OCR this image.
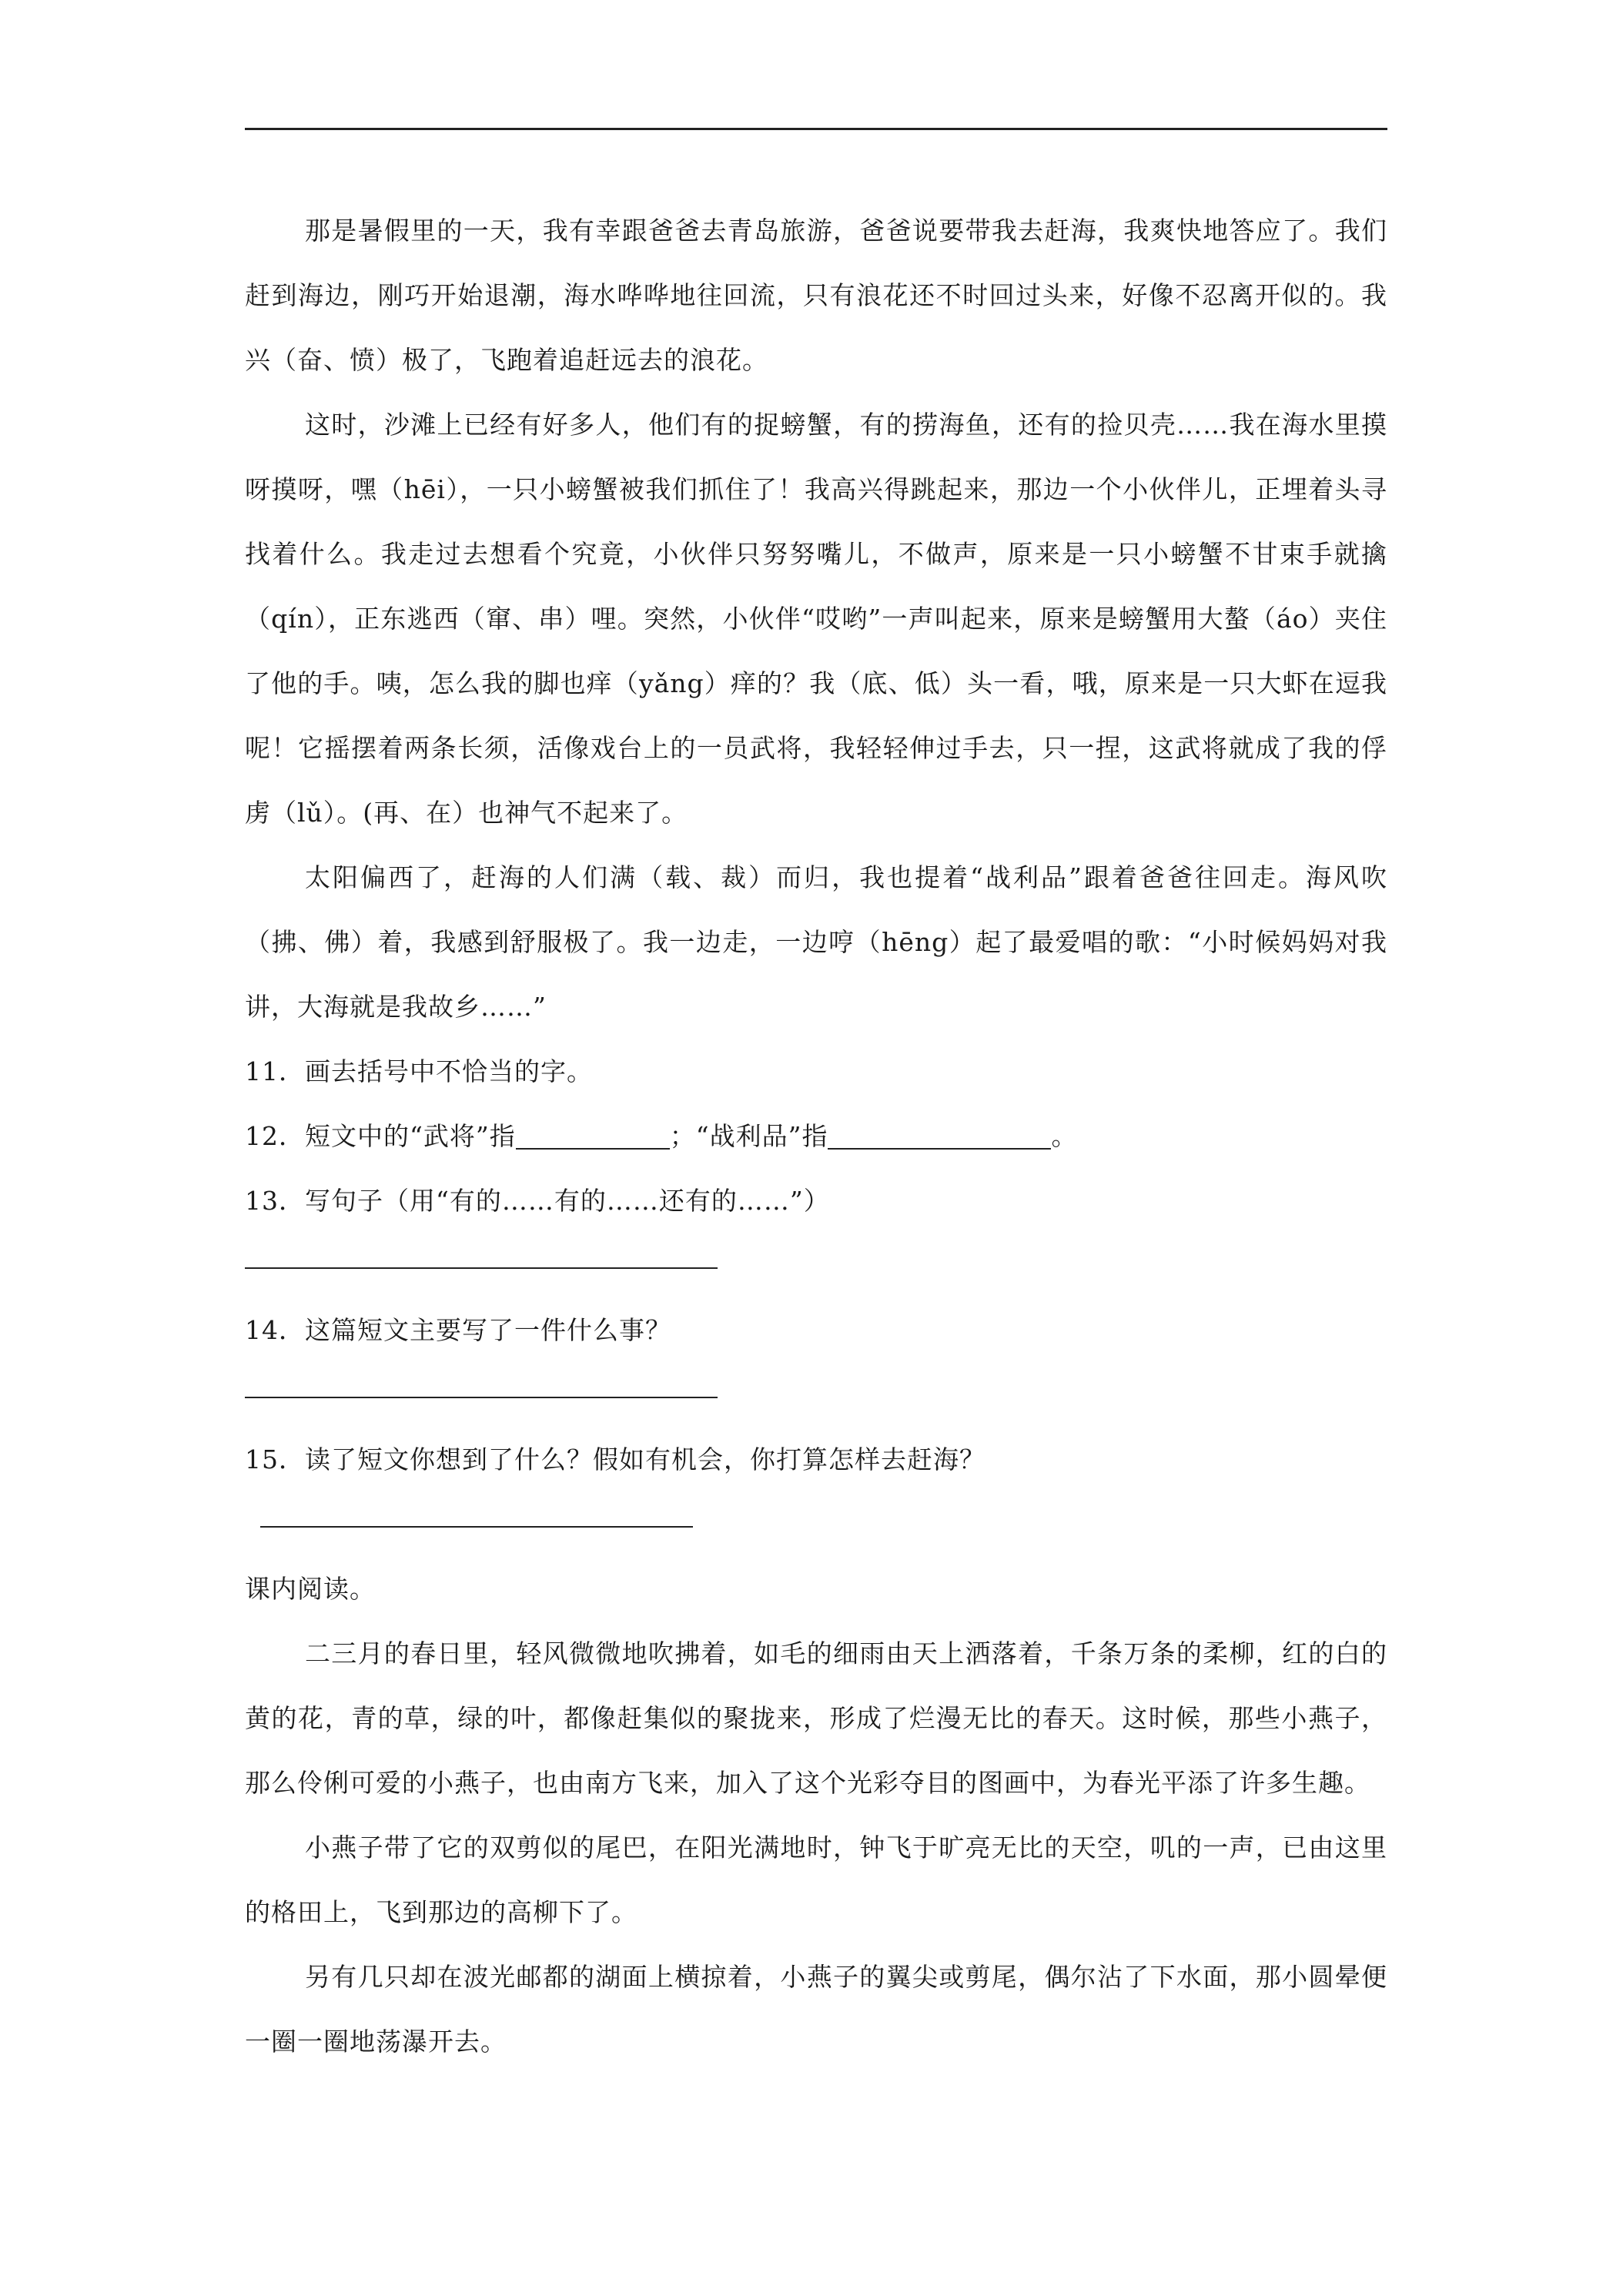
那是暑假里的一天，我有幸跟爸爸去青岛旅游，爸爸说要带我去赶海，我爽快地答应了。我们赶到海边，刚巧开始退潮，海水哗哗地往回流，只有浪花还不时回过头来，好像不忍离开似的。我兴（奋、愤）极了，飞跑着追赶远去的浪花。

这时，沙滩上已经有好多人，他们有的捉螃蟹，有的捞海鱼，还有的捡贝壳……我在海水里摸呀摸呀，嘿（hēi），一只小螃蟹被我们抓住了！我高兴得跳起来，那边一个小伙伴儿，正埋着头寻找着什么。我走过去想看个究竟，小伙伴只努努嘴儿，不做声，原来是一只小螃蟹不甘束手就擒（qín），正东逃西（窜、串）哩。突然，小伙伴“哎哟”一声叫起来，原来是螃蟹用大螯（áo）夹住了他的手。咦，怎么我的脚也痒（yǎng）痒的？我（底、低）头一看，哦，原来是一只大虾在逗我呢！它摇摆着两条长须，活像戏台上的一员武将，我轻轻伸过手去，只一捏，这武将就成了我的俘虏（lǔ）。(再、在）也神气不起来了。

太阳偏西了，赶海的人们满（载、裁）而归，我也提着“战利品”跟着爸爸往回走。海风吹（拂、佛）着，我感到舒服极了。我一边走，一边哼（hēng）起了最爱唱的歌：“小时候妈妈对我讲，大海就是我故乡……”

11．画去括号中不恰当的字。

12．短文中的“武将”指	；“战利品”指	。

13．写句子（用“有的……有的……还有的……”）

14．这篇短文主要写了一件什么事？

15．读了短文你想到了什么？假如有机会，你打算怎样去赶海？

课内阅读。

二三月的春日里，轻风微微地吹拂着，如毛的细雨由天上洒落着，千条万条的柔柳，红的白的黄的花，青的草，绿的叶，都像赶集似的聚拢来，形成了烂漫无比的春天。这时候，那些小燕子，那么伶俐可爱的小燕子，也由南方飞来，加入了这个光彩夺目的图画中，为春光平添了许多生趣。

小燕子带了它的双剪似的尾巴，在阳光满地时，钟飞于旷亮无比的天空，叽的一声，已由这里的格田上，飞到那边的高柳下了。

另有几只却在波光邮都的湖面上横掠着，小燕子的翼尖或剪尾，偶尔沾了下水面，那小圆晕便一圈一圈地荡瀑开去。
